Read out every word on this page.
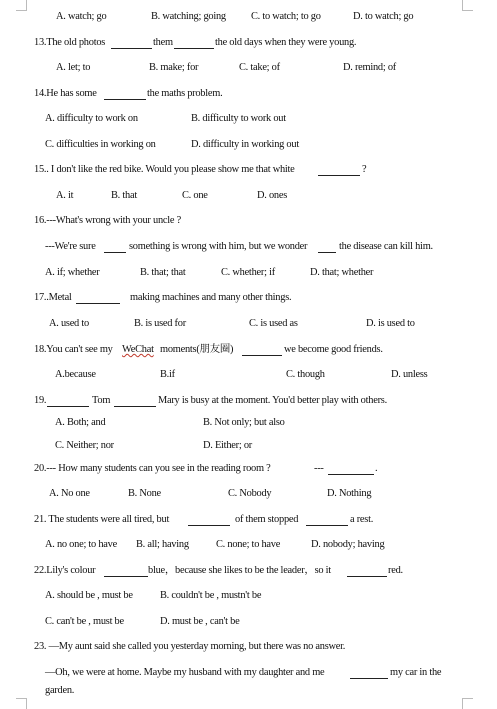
A. watch; go	B. watching; going C. to watch; to go	D. to watch; go
13.The old photos	them	the old days when they were young.
A. let; to	B. make; for	C. take; of	D. remind; of
14.He has some	the maths problem.
A. difficulty to work on	B. difficulty to work out
C. difficulties in working on	D. difficulty in working out
15.. I don't like the red bike. Would you please show me that white	?
A. it	B. that	C. one	D. ones
16.---What's wrong with your uncle ?
---We're sure	something is wrong with him, but we wonder	the disease can kill him.
A. if; whether	B. that; that	C. whether; if	D. that; whether
17..Metal	making machines and many other things.
A. used to	B. is used for	C. is used as	D. is used to
18.You can't see my WeChat moments(朋友圈)	we become good friends.
A.because	B.if	C. though	D. unless
19.	Tom	Mary is busy at the moment. You'd better play with others.
A. Both; and	B. Not only; but also
C. Neither; nor	D. Either; or
20.--- How many students can you see in the reading room ?	---	.
A. No one	B. None	C. Nobody	D. Nothing
21. The students were all tired, but	of them stopped	a rest.
A. no one; to have B. all; having	C. none; to have	D. nobody; having
22.Lily's colour	blue，because she likes to be the leader，so it	red.
A. should be , must be	B. couldn't be , mustn't be
C. can't be , must be	D. must be , can't be
23. —My aunt said she called you yesterday morning, but there was no answer.
—Oh, we were at home. Maybe my husband with my daughter and me	my car in the
garden.
